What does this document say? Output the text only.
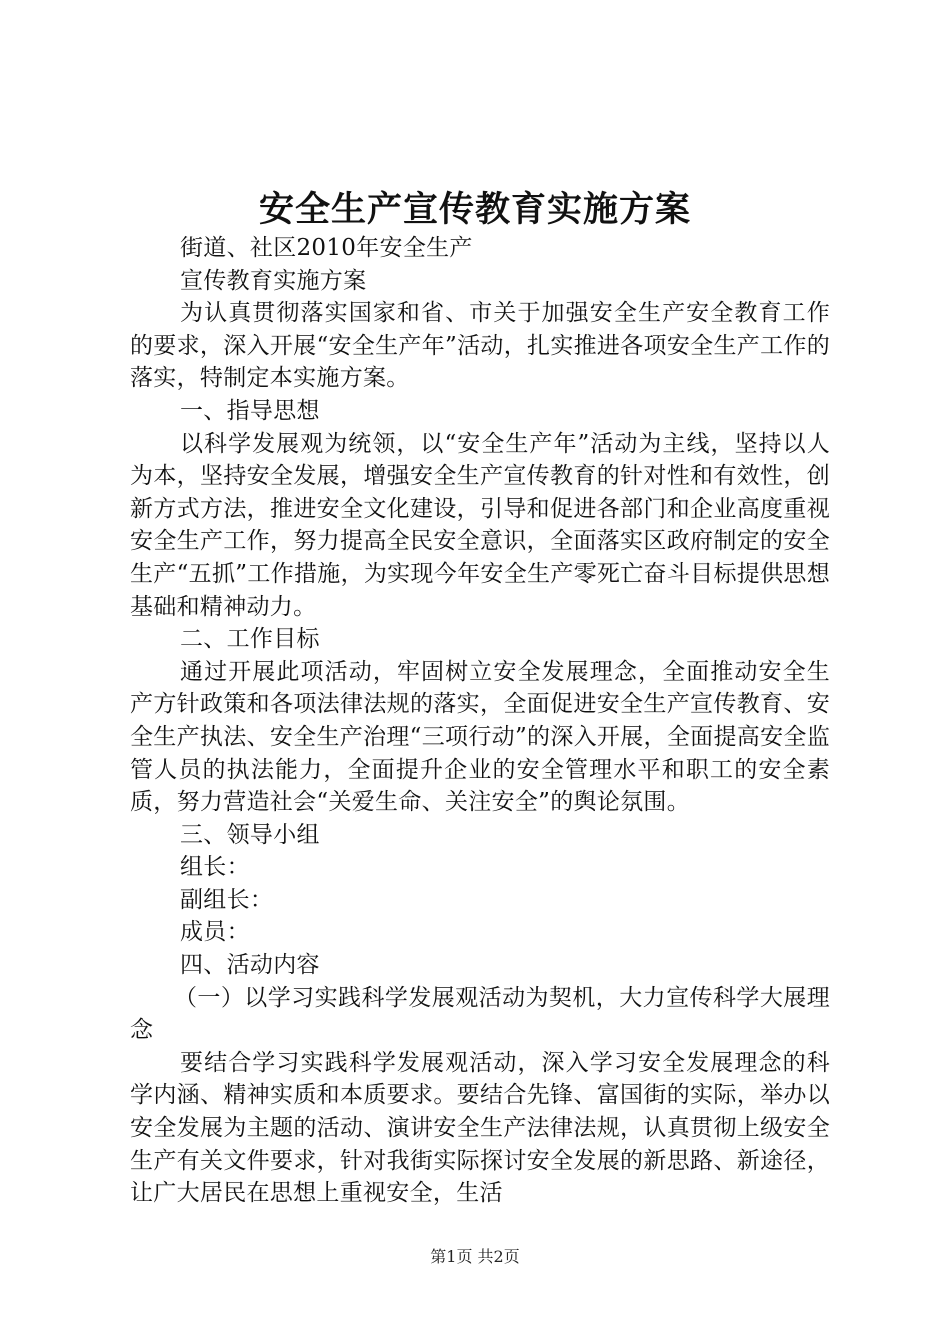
安全生产宣传教育实施方案

街道、社区2010年安全生产

宣传教育实施方案

为认真贯彻落实国家和省、市关于加强安全生产安全教育工作的要求，深入开展“安全生产年”活动，扎实推进各项安全生产工作的落实，特制定本实施方案。

一、指导思想

以科学发展观为统领，以“安全生产年”活动为主线，坚持以人为本，坚持安全发展，增强安全生产宣传教育的针对性和有效性，创新方式方法，推进安全文化建设，引导和促进各部门和企业高度重视安全生产工作，努力提高全民安全意识，全面落实区政府制定的安全生产“五抓”工作措施，为实现今年安全生产零死亡奋斗目标提供思想基础和精神动力。

二、工作目标

通过开展此项活动，牢固树立安全发展理念，全面推动安全生产方针政策和各项法律法规的落实，全面促进安全生产宣传教育、安全生产执法、安全生产治理“三项行动”的深入开展，全面提高安全监管人员的执法能力，全面提升企业的安全管理水平和职工的安全素质，努力营造社会“关爱生命、关注安全”的舆论氛围。

三、领导小组

组长：

副组长：

成员：

四、活动内容

（一）以学习实践科学发展观活动为契机，大力宣传科学大展理念

要结合学习实践科学发展观活动，深入学习安全发展理念的科学内涵、精神实质和本质要求。要结合先锋、富国街的实际，举办以安全发展为主题的活动、演讲安全生产法律法规，认真贯彻上级安全生产有关文件要求，针对我街实际探讨安全发展的新思路、新途径，让广大居民在思想上重视安全，生活

第1页 共2页
